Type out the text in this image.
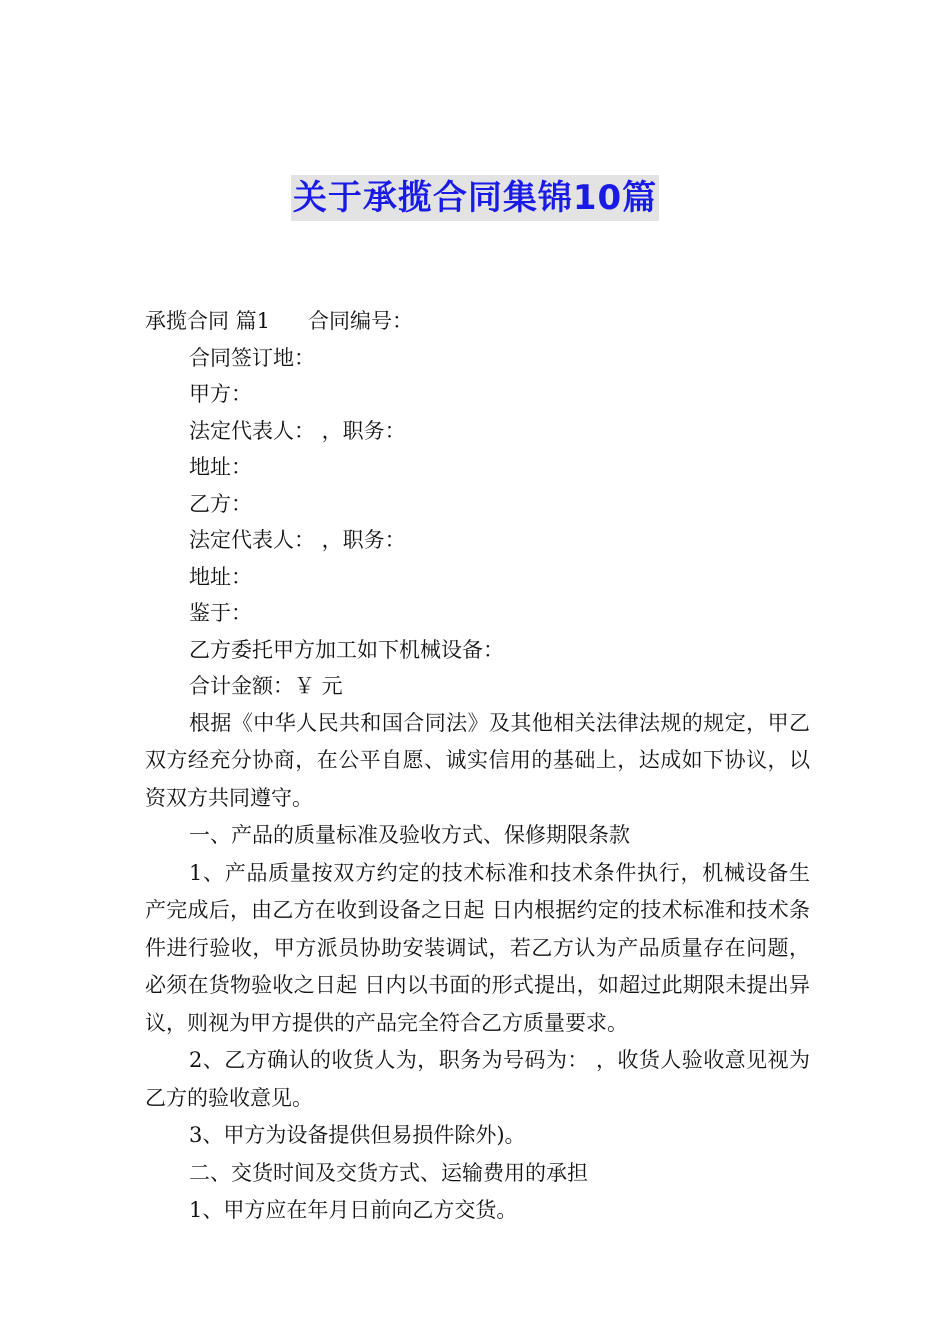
关于承揽合同集锦10篇

承揽合同 篇1 合同编号：

合同签订地：

甲方：

法定代表人： ，职务：

地址：

乙方：

法定代表人： ，职务：

地址：

鉴于：

乙方委托甲方加工如下机械设备：

合计金额：￥ 元

根据《中华人民共和国合同法》及其他相关法律法规的规定，甲乙双方经充分协商，在公平自愿、诚实信用的基础上，达成如下协议，以资双方共同遵守。

一、产品的质量标准及验收方式、保修期限条款

1、产品质量按双方约定的技术标准和技术条件执行，机械设备生产完成后，由乙方在收到设备之日起 日内根据约定的技术标准和技术条件进行验收，甲方派员协助安装调试，若乙方认为产品质量存在问题，必须在货物验收之日起 日内以书面的形式提出，如超过此期限未提出异议，则视为甲方提供的产品完全符合乙方质量要求。

2、乙方确认的收货人为，职务为号码为： ，收货人验收意见视为乙方的验收意见。

3、甲方为设备提供但易损件除外)。

二、交货时间及交货方式、运输费用的承担

1、甲方应在年月日前向乙方交货。
